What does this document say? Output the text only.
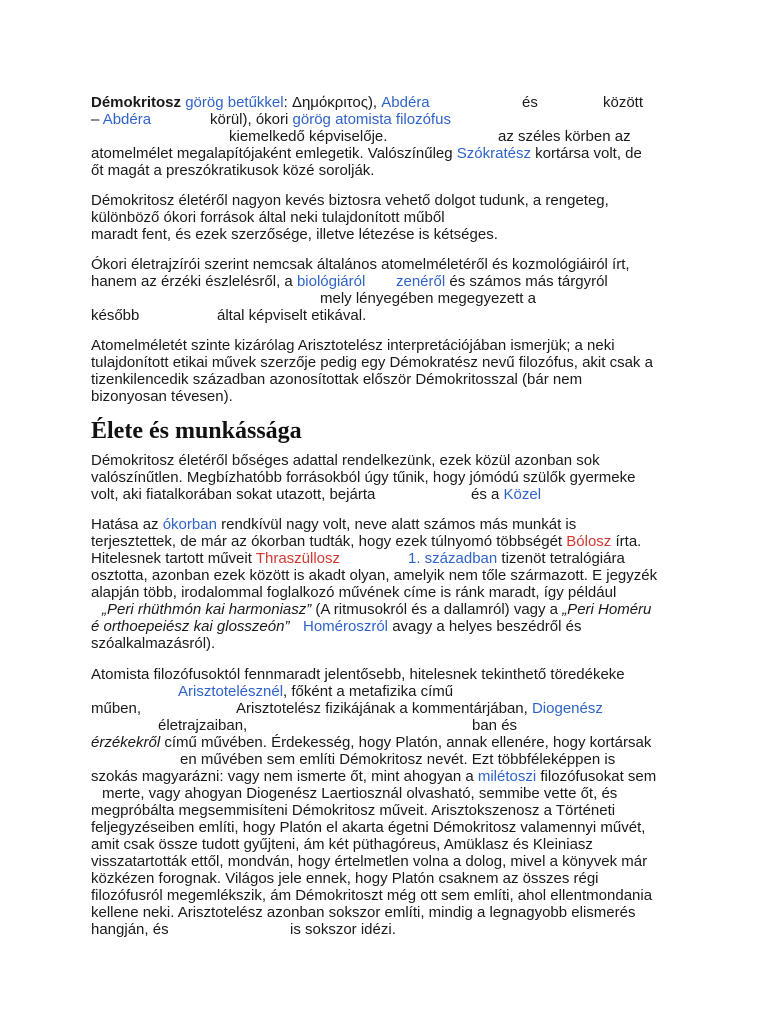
Démokritosz görög betűkkel: Δημόκριτος), Abdéra	és	között
– Abdéra	körül), ókori görög atomista filozófus
kiemelkedő képviselője.	az széles körben az
atomelmélet megalapítójaként emlegetik. Valószínűleg Szókratész kortársa volt, de
őt magát a preszókratikusok közé sorolják.
Démokritosz életéről nagyon kevés biztosra vehető dolgot tudunk, a rengeteg,
különböző ókori források által neki tulajdonított műből
maradt fent, és ezek szerzősége, illetve létezése is kétséges.
Ókori életrajzírói szerint nemcsak általános atomelméletéről és kozmológiáiról írt,
hanem az érzéki észlelésről, a biológiáról zenéről és számos más tárgyról
mely lényegében megegyezett a
később	által képviselt etikával.
Atomelméletét szinte kizárólag Arisztotelész interpretációjában ismerjük; a neki
tulajdonított etikai művek szerzője pedig egy Démokratész nevű filozófus, akit csak a
tizenkilencedik században azonosítottak először Démokritosszal (bár nem
bizonyosan tévesen).
Élete és munkássága
Démokritosz életéről bőséges adattal rendelkezünk, ezek közül azonban sok
valószínűtlen. Megbízhatóbb forrásokból úgy tűnik, hogy jómódú szülők gyermeke
volt, aki fiatalkorában sokat utazott, bejárta	és a Közel
Hatása az ókorban rendkívül nagy volt, neve alatt számos más munkát is
terjesztettek, de már az ókorban tudták, hogy ezek túlnyomó többségét Bólosz írta.
Hitelesnek tartott műveit Thraszüllosz	1. században tizenöt tetralógiára
osztotta, azonban ezek között is akadt olyan, amelyik nem tőle származott. E jegyzék
alapján több, irodalommal foglalkozó művének címe is ránk maradt, így például
„Peri rhüthmón kai harmoniasz” (A ritmusokról és a dallamról) vagy a „Peri Homéru
é orthoepeiész kai glosszeón” Homéroszról avagy a helyes beszédről és
szóalkalmazásról).
Atomista filozófusoktól fennmaradt jelentősebb, hitelesnek tekinthető töredékeke
Arisztotelésznél, főként a metafizika című
műben,	Arisztotelész fizikájának a kommentárjában, Diogenész
életrajzaiban,	ban és
érzékekről című művében. Érdekesség, hogy Platón, annak ellenére, hogy kortársak
en művében sem említi Démokritosz nevét. Ezt többféleképpen is
szokás magyarázni: vagy nem ismerte őt, mint ahogyan a milétoszi filozófusokat sem
merte, vagy ahogyan Diogenész Laertiosznál olvasható, semmibe vette őt, és
megpróbálta megsemmisíteni Démokritosz műveit. Arisztokszenosz a Történeti
feljegyzéseiben említi, hogy Platón el akarta égetni Démokritosz valamennyi művét,
amit csak össze tudott gyűjteni, ám két püthagóreus, Amüklasz és Kleiniasz
visszatartották ettől, mondván, hogy értelmetlen volna a dolog, mivel a könyvek már
közkézen forognak. Világos jele ennek, hogy Platón csaknem az összes régi
filozófusról megemlékszik, ám Démokritoszt még ott sem említi, ahol ellentmondania
kellene neki. Arisztotelész azonban sokszor említi, mindig a legnagyobb elismerés
hangján, és	is sokszor idézi.
